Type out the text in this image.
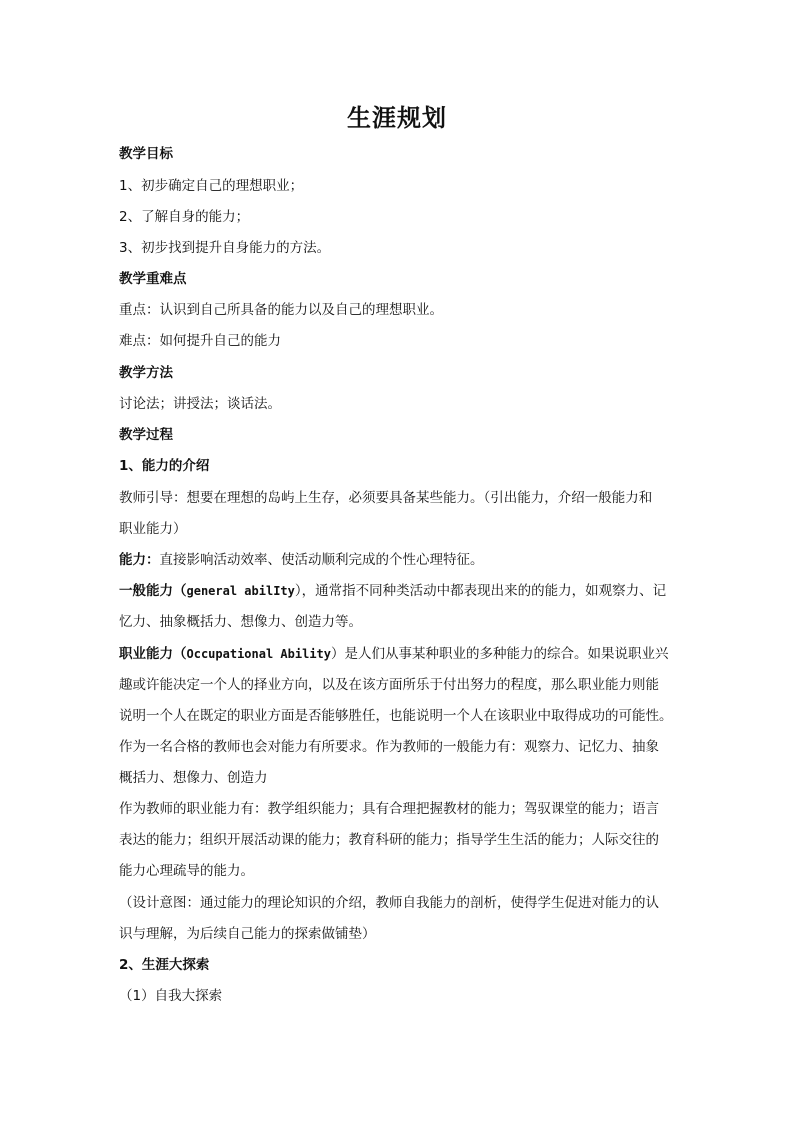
生涯规划
教学目标
1、初步确定自己的理想职业；
2、了解自身的能力；
3、初步找到提升自身能力的方法。
教学重难点
重点：认识到自己所具备的能力以及自己的理想职业。
难点：如何提升自己的能力
教学方法
讨论法；讲授法；谈话法。
教学过程
1、能力的介绍
教师引导：想要在理想的岛屿上生存，必须要具备某些能力。（引出能力，介绍一般能力和
职业能力）
能力：直接影响活动效率、使活动顺利完成的个性心理特征。
一般能力（general abilIty），通常指不同种类活动中都表现出来的的能力，如观察力、记
忆力、抽象概括力、想像力、创造力等。
职业能力（Occupational Ability）是人们从事某种职业的多种能力的综合。如果说职业兴
趣或许能决定一个人的择业方向，以及在该方面所乐于付出努力的程度，那么职业能力则能
说明一个人在既定的职业方面是否能够胜任，也能说明一个人在该职业中取得成功的可能性。
作为一名合格的教师也会对能力有所要求。作为教师的一般能力有：观察力、记忆力、抽象
概括力、想像力、创造力
作为教师的职业能力有：教学组织能力；具有合理把握教材的能力；驾驭课堂的能力；语言
表达的能力；组织开展活动课的能力；教育科研的能力；指导学生生活的能力；人际交往的
能力心理疏导的能力。
（设计意图：通过能力的理论知识的介绍，教师自我能力的剖析，使得学生促进对能力的认
识与理解，为后续自己能力的探索做铺垫）
2、生涯大探索
（1）自我大探索
